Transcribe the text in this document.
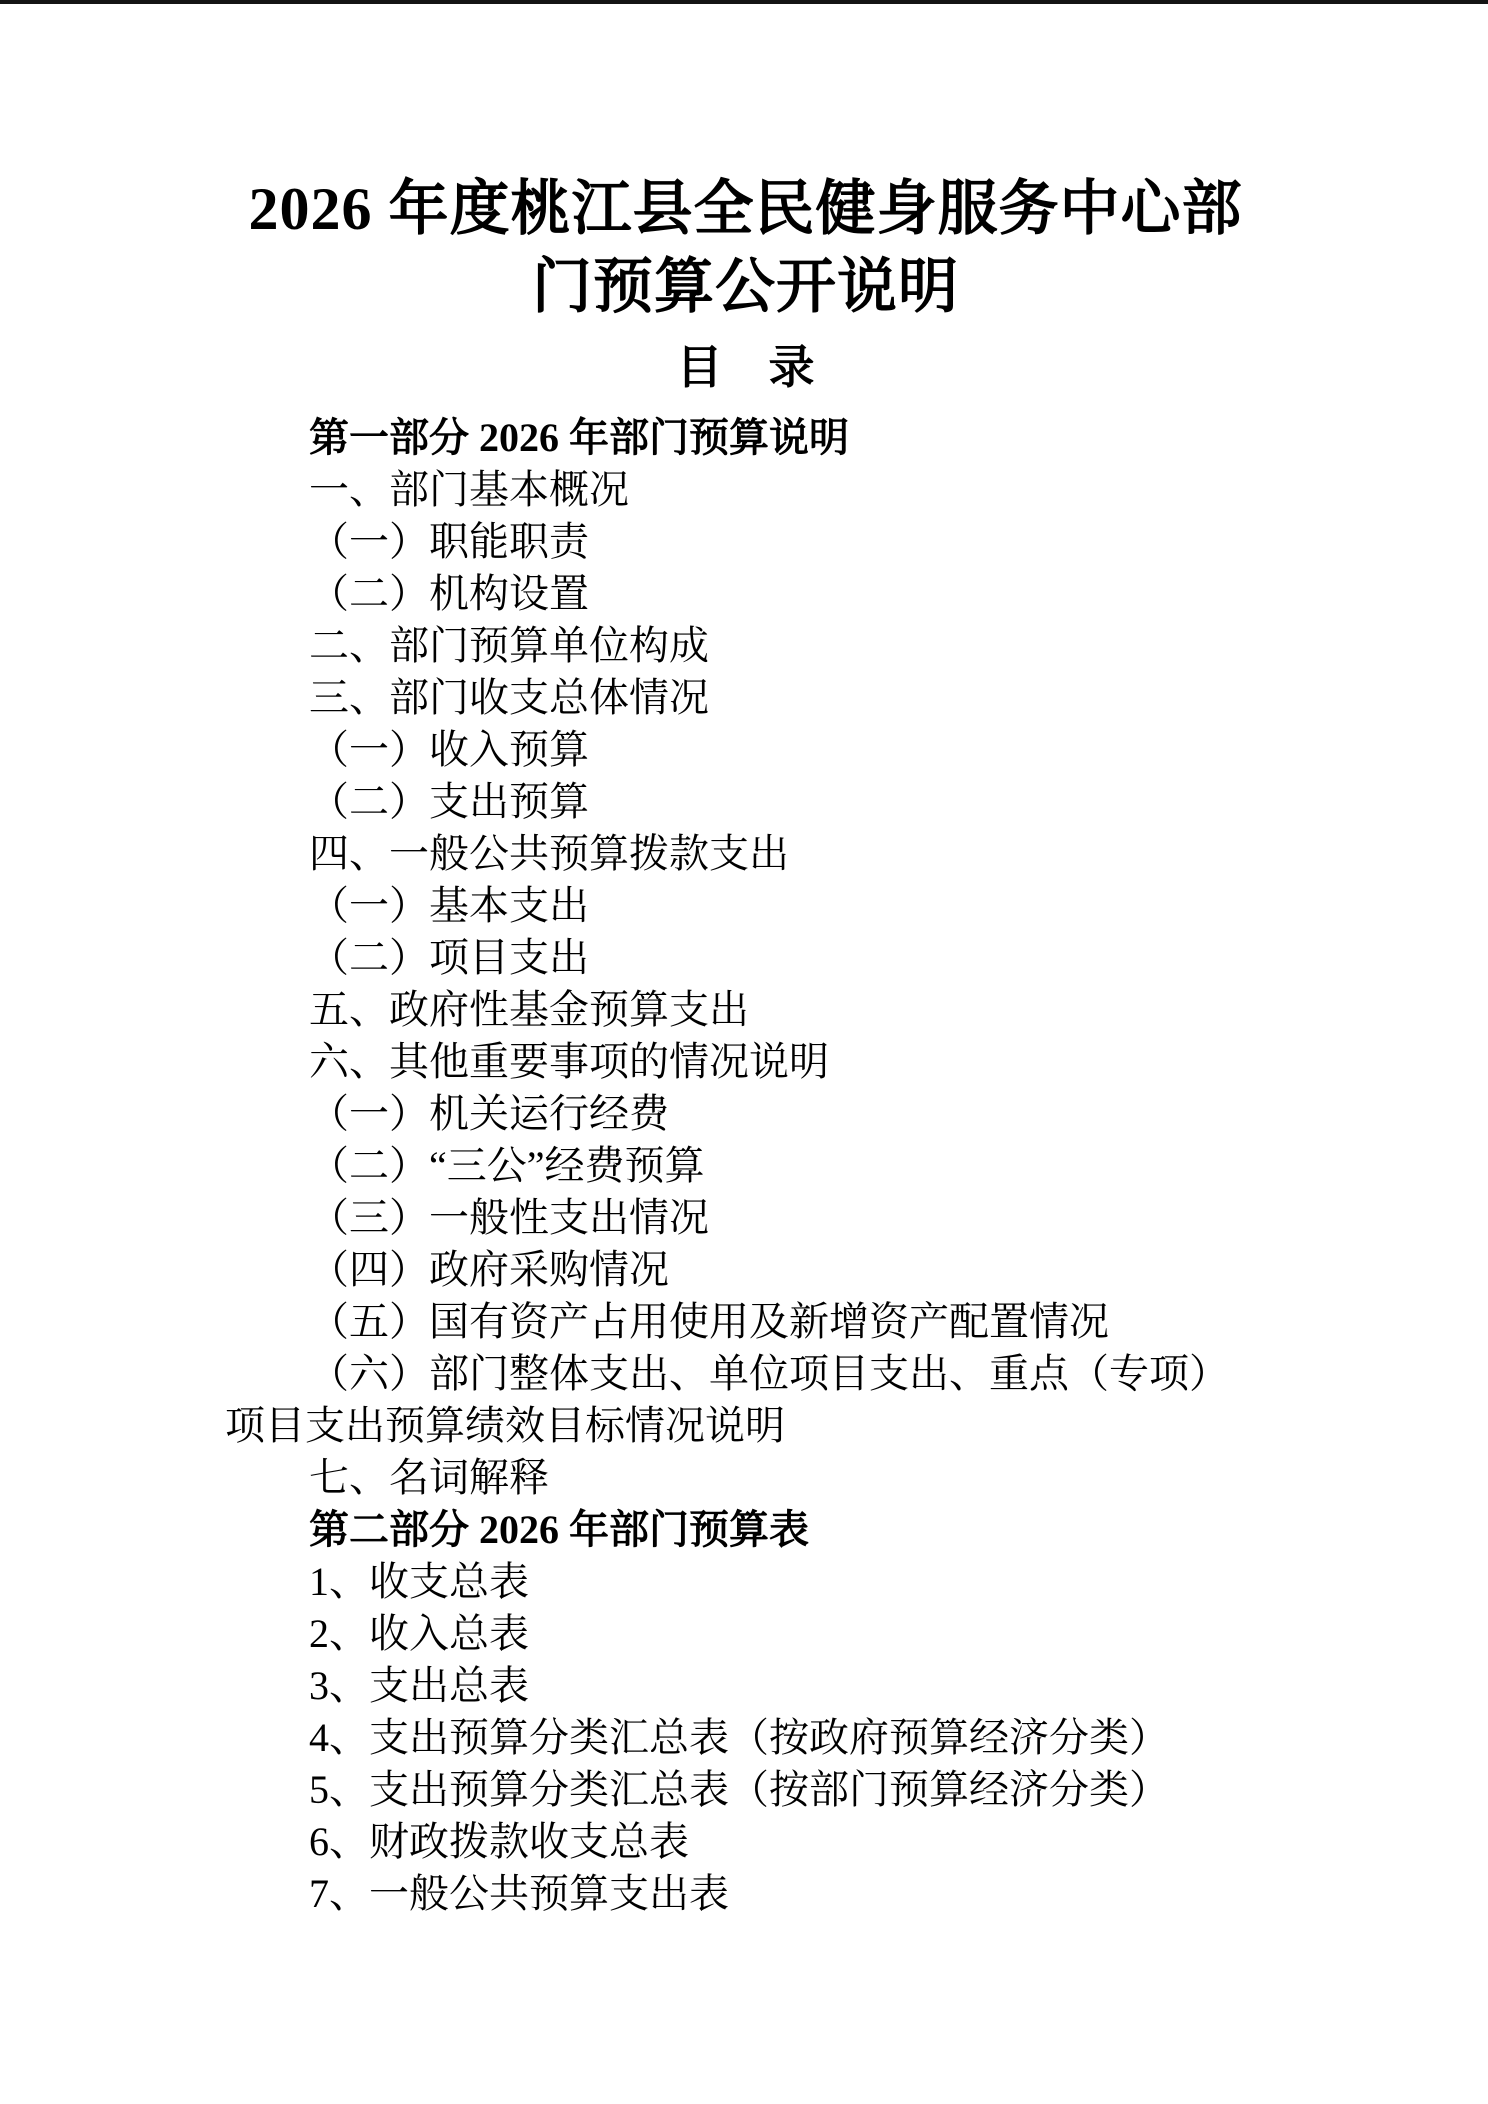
2026 年度桃江县全民健身服务中心部
门预算公开说明
目　录
第一部分 2026 年部门预算说明
一、部门基本概况
（一）职能职责
（二）机构设置
二、部门预算单位构成
三、部门收支总体情况
（一）收入预算
（二）支出预算
四、一般公共预算拨款支出
（一）基本支出
（二）项目支出
五、政府性基金预算支出
六、其他重要事项的情况说明
（一）机关运行经费
（二）“三公”经费预算
（三）一般性支出情况
（四）政府采购情况
（五）国有资产占用使用及新增资产配置情况
（六）部门整体支出、单位项目支出、重点（专项）
项目支出预算绩效目标情况说明
七、名词解释
第二部分 2026 年部门预算表
1、收支总表
2、收入总表
3、支出总表
4、支出预算分类汇总表（按政府预算经济分类）
5、支出预算分类汇总表（按部门预算经济分类）
6、财政拨款收支总表
7、一般公共预算支出表
